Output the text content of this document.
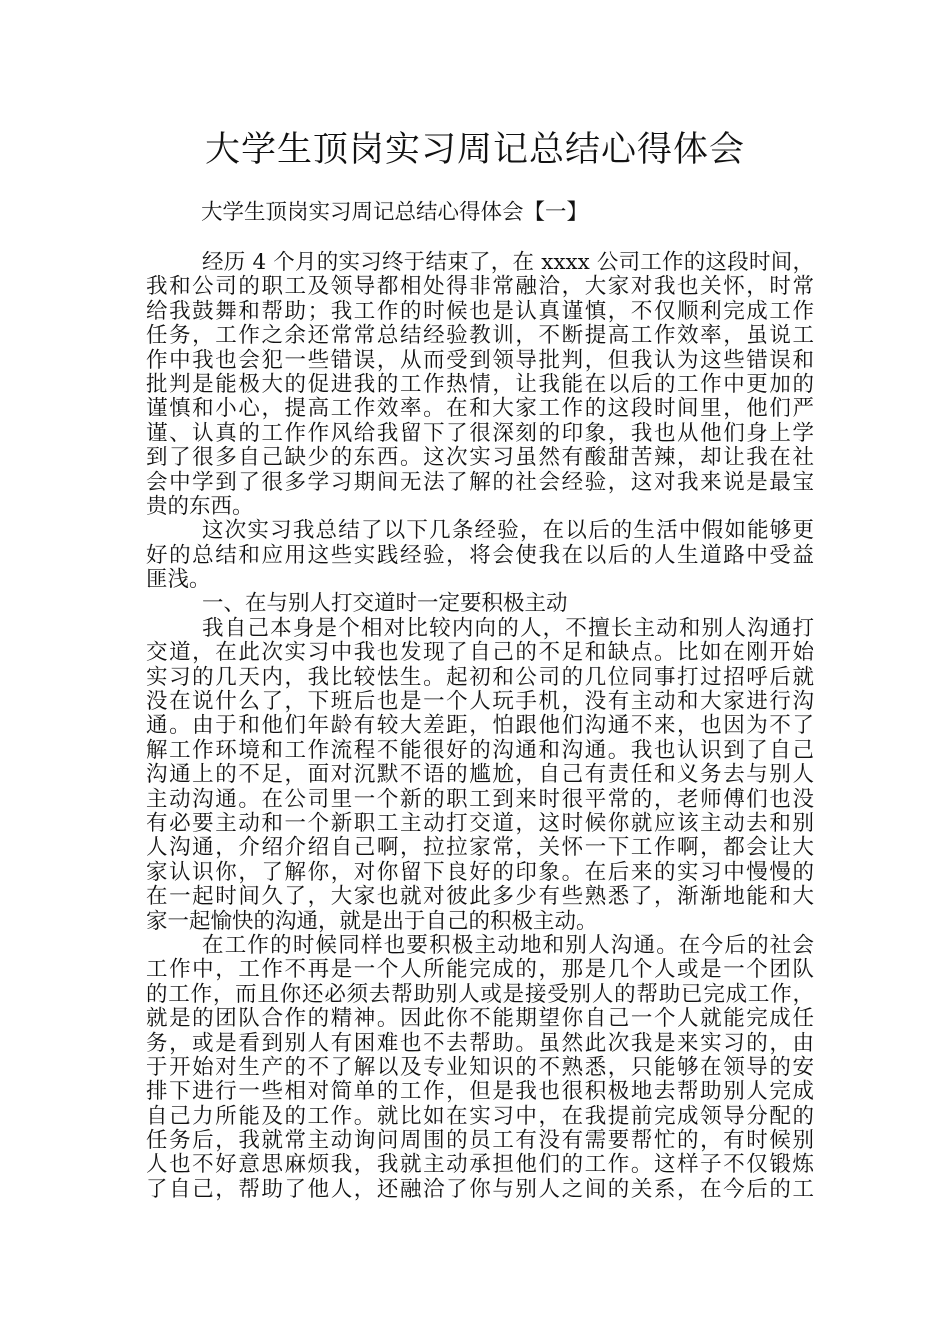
大学生顶岗实习周记总结心得体会

大学生顶岗实习周记总结心得体会【一】

经历 4 个月的实习终于结束了，在 xxxx 公司工作的这段时间，
我和公司的职工及领导都相处得非常融洽，大家对我也关怀，时常
给我鼓舞和帮助；我工作的时候也是认真谨慎，不仅顺利完成工作
任务，工作之余还常常总结经验教训，不断提高工作效率，虽说工
作中我也会犯一些错误，从而受到领导批判，但我认为这些错误和
批判是能极大的促进我的工作热情，让我能在以后的工作中更加的
谨慎和小心，提高工作效率。在和大家工作的这段时间里，他们严
谨、认真的工作作风给我留下了很深刻的印象，我也从他们身上学
到了很多自己缺少的东西。这次实习虽然有酸甜苦辣，却让我在社
会中学到了很多学习期间无法了解的社会经验，这对我来说是最宝
贵的东西。
这次实习我总结了以下几条经验，在以后的生活中假如能够更
好的总结和应用这些实践经验，将会使我在以后的人生道路中受益
匪浅。
一、在与别人打交道时一定要积极主动
我自己本身是个相对比较内向的人，不擅长主动和别人沟通打
交道，在此次实习中我也发现了自己的不足和缺点。比如在刚开始
实习的几天内，我比较怯生。起初和公司的几位同事打过招呼后就
没在说什么了，下班后也是一个人玩手机，没有主动和大家进行沟
通。由于和他们年龄有较大差距，怕跟他们沟通不来，也因为不了
解工作环境和工作流程不能很好的沟通和沟通。我也认识到了自己
沟通上的不足，面对沉默不语的尴尬，自己有责任和义务去与别人
主动沟通。在公司里一个新的职工到来时很平常的，老师傅们也没
有必要主动和一个新职工主动打交道，这时候你就应该主动去和别
人沟通，介绍介绍自己啊，拉拉家常，关怀一下工作啊，都会让大
家认识你，了解你，对你留下良好的印象。在后来的实习中慢慢的
在一起时间久了，大家也就对彼此多少有些熟悉了，渐渐地能和大
家一起愉快的沟通，就是出于自己的积极主动。
在工作的时候同样也要积极主动地和别人沟通。在今后的社会
工作中，工作不再是一个人所能完成的，那是几个人或是一个团队
的工作，而且你还必须去帮助别人或是接受别人的帮助已完成工作，
就是的团队合作的精神。因此你不能期望你自己一个人就能完成任
务，或是看到别人有困难也不去帮助。虽然此次我是来实习的，由
于开始对生产的不了解以及专业知识的不熟悉，只能够在领导的安
排下进行一些相对简单的工作，但是我也很积极地去帮助别人完成
自己力所能及的工作。就比如在实习中，在我提前完成领导分配的
任务后，我就常主动询问周围的员工有没有需要帮忙的，有时候别
人也不好意思麻烦我，我就主动承担他们的工作。这样子不仅锻炼
了自己，帮助了他人，还融洽了你与别人之间的关系，在今后的工
